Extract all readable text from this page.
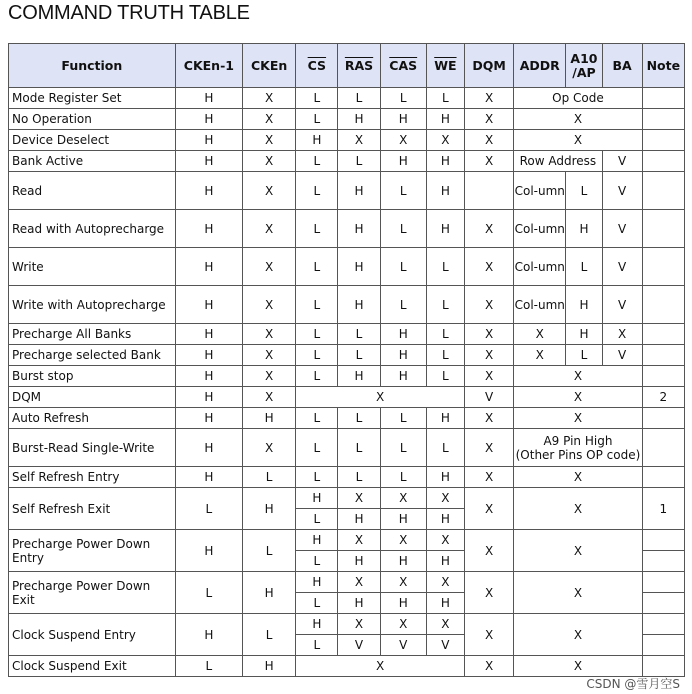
COMMAND TRUTH TABLE
Function	CKEn-1	CKEn	$\overline{CS}$	$\overline{RAS}$	$\overline{CAS}$	$\overline{WE}$	DQM	ADDR	A10 /AP	BA	Note
Mode Register Set	H	X	L	L	L	L	X	Op Code			
No Operation	H	X	L	H	H	H	X	X			
Device Deselect	H	X	H	X	X	X	X	X			
Bank Active	H	X	L	L	H	H	X	Row Address		V	
Read	H	X	L	H	L	H		Col-umn	L	V	
Read with Autoprecharge	H	X	L	H	L	H	X	Col-umn	H	V	
Write	H	X	L	H	L	L	X	Col-umn	L	V	
Write with Autoprecharge	H	X	L	H	L	L	X	Col-umn	H	V	
Precharge All Banks	H	X	L	L	H	L	X	X	H	X	
Precharge selected Bank	H	X	L	L	H	L	X	X	L	V	
Burst stop	H	X	L	H	H	L	X	X			
DQM	H	X	X				V	X			2
Auto Refresh	H	H	L	L	L	H	X	X			
Burst-Read Single-Write	H	X	L	L	L	L	X	A9 Pin High
(Other Pins OP code)			

Self Refresh Entry	H	L	L	L	L	H	X	X			
Self Refresh Exit	L	H	H	X	X	X	X	X			1
			L	H	H	H					
Precharge Power Down Entry	H	L	H	X	X	X	X	X			
			L	H	H	H					
Precharge Power Down Exit	L	H	H	X	X	X	X	X			
			L	H	H	H					
Clock Suspend Entry	H	L	H	X	X	X	X	X			
			L	V	V	V					
Clock Suspend Exit	L	H	X				X	X			
CSDN @雪月空S
